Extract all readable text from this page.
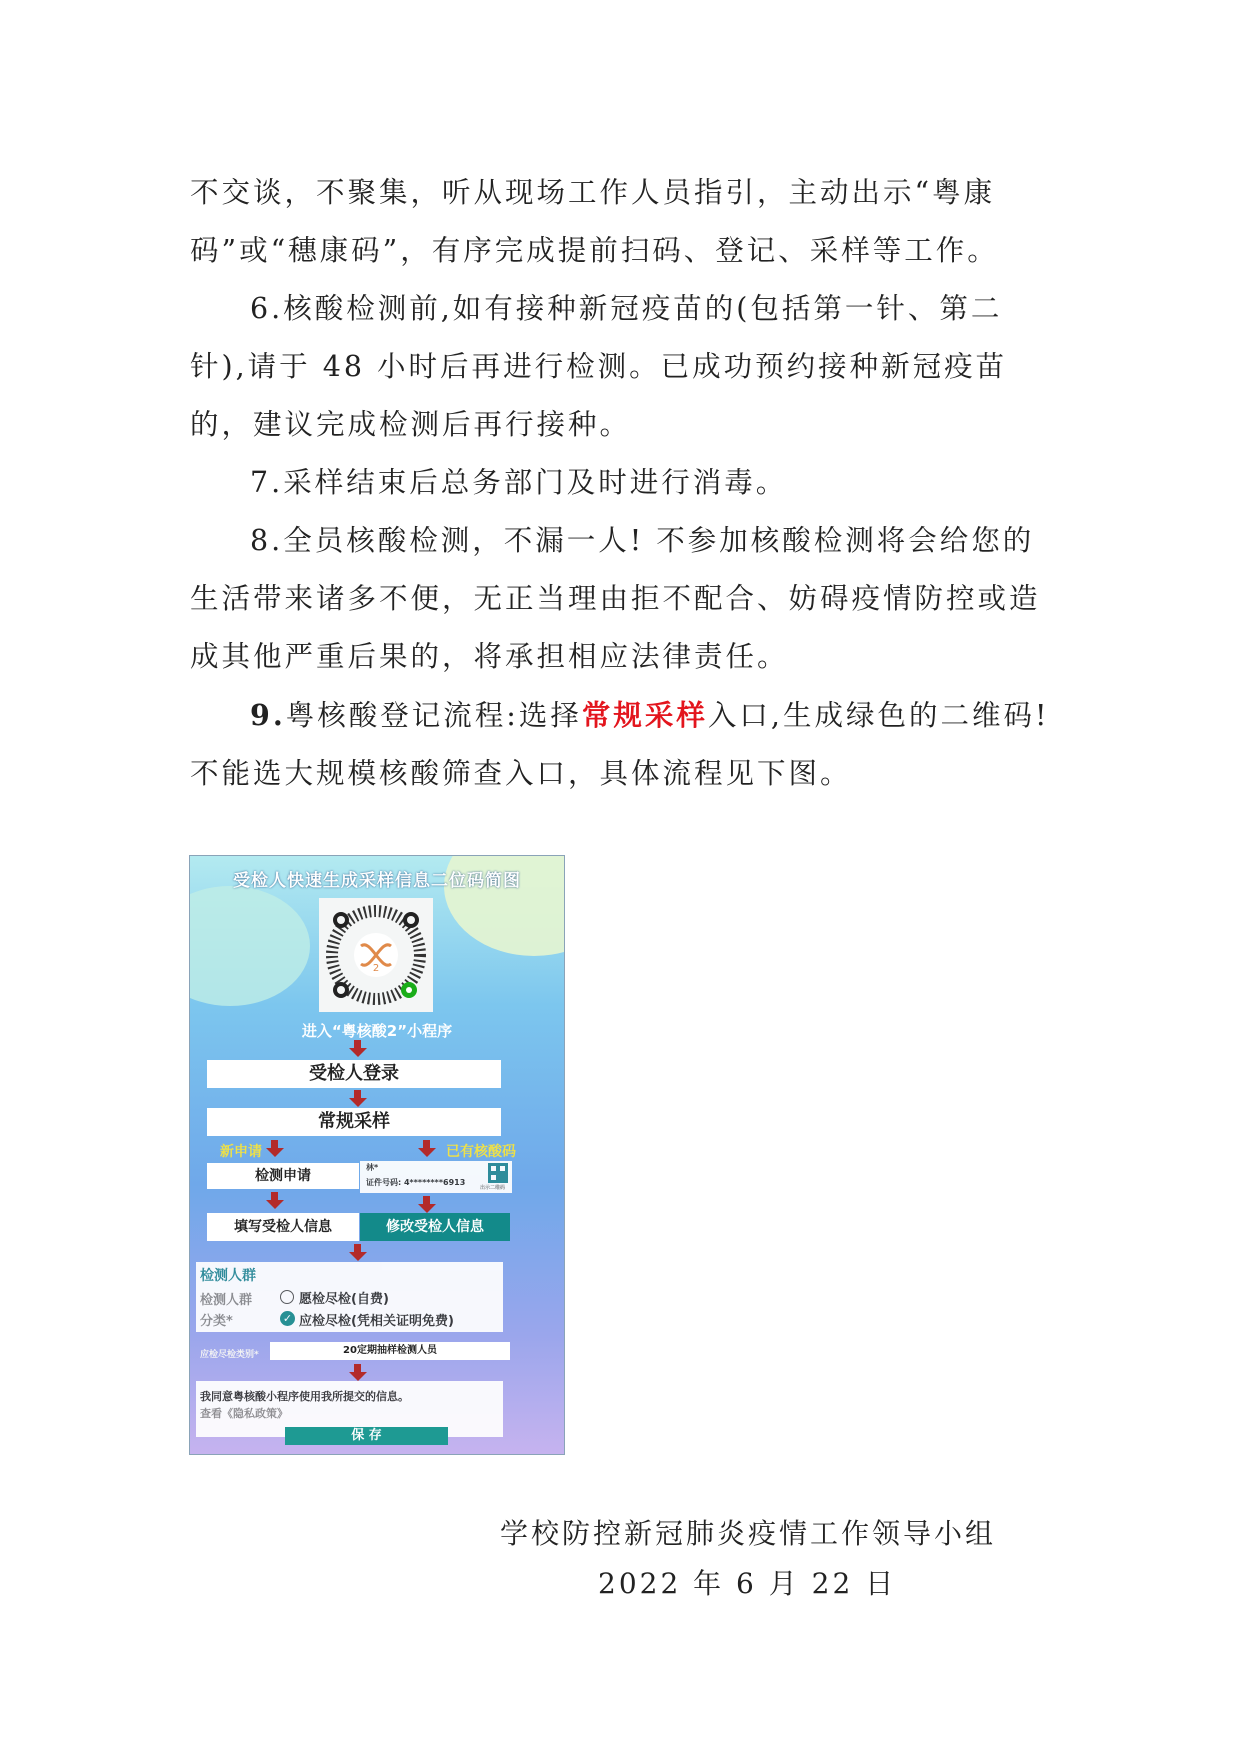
不交谈，不聚集，听从现场工作人员指引，主动出示“粤康码”或“穗康码”，有序完成提前扫码、登记、采样等工作。

6.核酸检测前,如有接种新冠疫苗的(包括第一针、第二针),请于 48 小时后再进行检测。已成功预约接种新冠疫苗的，建议完成检测后再行接种。

7.采样结束后总务部门及时进行消毒。

8.全员核酸检测，不漏一人! 不参加核酸检测将会给您的生活带来诸多不便，无正当理由拒不配合、妨碍疫情防控或造成其他严重后果的，将承担相应法律责任。

9.粤核酸登记流程:选择常规采样入口,生成绿色的二维码!不能选大规模核酸筛查入口，具体流程见下图。

受检人快速生成采样信息二位码简图
2
进入“粤核酸2”小程序
受检人登录
常规采样
新申请	已有核酸码
检测申请
林*
证件号码: 4********6913
出示二维码
填写受检人信息	修改受检人信息
检测人群
检测人群
分类*
愿检尽检(自费)
✓ 应检尽检(凭相关证明免费)
应检尽检类别*	20定期抽样检测人员
我同意粤核酸小程序使用我所提交的信息。
查看《隐私政策》
保 存
学校防控新冠肺炎疫情工作领导小组
2022 年 6 月 22 日
